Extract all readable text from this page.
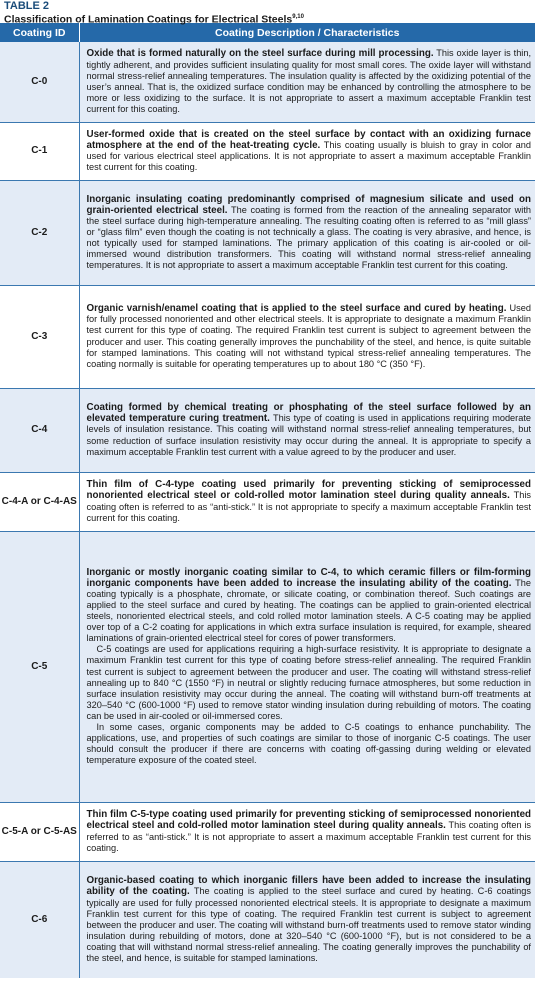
TABLE 2
Classification of Lamination Coatings for Electrical Steels$^{9,10}$
Coating ID	Coating Description / Characteristics
C-0	Oxide that is formed naturally on the steel surface during mill processing. This oxide layer is thin, tightly adherent, and provides sufficient insulating quality for most small cores. The oxide layer will withstand normal stress-relief annealing temperatures. The insulation quality is affected by the oxidizing potential of the user’s anneal. That is, the oxidized surface condition may be enhanced by controlling the atmosphere to be more or less oxidizing to the surface. It is not appropriate to assert a maximum acceptable Franklin test current for this coating.
C-1	User-formed oxide that is created on the steel surface by contact with an oxidizing furnace atmosphere at the end of the heat-treating cycle. This coating usually is bluish to gray in color and used for various electrical steel applications. It is not appropriate to assert a maximum acceptable Franklin test current for this coating.
C-2	Inorganic insulating coating predominantly comprised of magnesium silicate and used on grain-oriented electrical steel. The coating is formed from the reaction of the annealing separator with the steel surface during high-temperature annealing. The resulting coating often is referred to as “mill glass” or “glass film” even though the coating is not technically a glass. The coating is very abrasive, and hence, is not typically used for stamped laminations. The primary application of this coating is air-cooled or oil-immersed wound distribution transformers. This coating will withstand normal stress-relief annealing temperatures. It is not appropriate to assert a maximum acceptable Franklin test current for this coating.
C-3	Organic varnish/enamel coating that is applied to the steel surface and cured by heating. Used for fully processed nonoriented and other electrical steels. It is appropriate to designate a maximum Franklin test current for this type of coating. The required Franklin test current is subject to agreement between the producer and user. This coating generally improves the punchability of the steel, and hence, is quite suitable for stamped laminations. This coating will not withstand typical stress-relief annealing temperatures. The coating normally is suitable for operating temperatures up to about 180 °C (350 °F).
C-4	Coating formed by chemical treating or phosphating of the steel surface followed by an elevated temperature curing treatment. This type of coating is used in applications requiring moderate levels of insulation resistance. This coating will withstand normal stress-relief annealing temperatures, but some reduction of surface insulation resistivity may occur during the anneal. It is appropriate to specify a maximum acceptable Franklin test current with a value agreed to by the producer and user.
C-4-A or C-4-AS	Thin film of C-4-type coating used primarily for preventing sticking of semiprocessed nonoriented electrical steel or cold-rolled motor lamination steel during quality anneals. This coating often is referred to as “anti-stick.” It is not appropriate to specify a maximum acceptable Franklin test current for this coating.
C-5	Inorganic or mostly inorganic coating similar to C-4, to which ceramic fillers or film-forming inorganic components have been added to increase the insulating ability of the coating. The coating typically is a phosphate, chromate, or silicate coating, or combination thereof. Such coatings are applied to the steel surface and cured by heating. The coatings can be applied to grain-oriented electrical steels, nonoriented electrical steels, and cold rolled motor lamination steels. A C-5 coating may be applied over top of a C-2 coating for applications in which extra surface insulation is required, for example, sheared laminations of grain-oriented electrical steel for cores of power transformers.
C-5 coatings are used for applications requiring a high-surface resistivity. It is appropriate to designate a maximum Franklin test current for this type of coating before stress-relief annealing. The required Franklin test current is subject to agreement between the producer and user. The coating will withstand stress-relief annealing up to 840 °C (1550 °F) in neutral or slightly reducing furnace atmospheres, but some reduction in surface insulation resistivity may occur during the anneal. The coating will withstand burn-off treatments at 320–540 °C (600-1000 °F) used to remove stator winding insulation during rebuilding of motors. The coating can be used in air-cooled or oil-immersed cores.
In some cases, organic components may be added to C-5 coatings to enhance punchability. The applications, use, and properties of such coatings are similar to those of inorganic C-5 coatings. The user should consult the producer if there are concerns with coating off-gassing during welding or elevated temperature exposure of the coated steel.

C-5-A or C-5-AS	Thin film C-5-type coating used primarily for preventing sticking of semiprocessed nonoriented electrical steel and cold-rolled motor lamination steel during quality anneals. This coating often is referred to as “anti-stick.” It is not appropriate to assert a maximum acceptable Franklin test current for this coating.
C-6	Organic-based coating to which inorganic fillers have been added to increase the insulating ability of the coating. The coating is applied to the steel surface and cured by heating. C-6 coatings typically are used for fully processed nonoriented electrical steels. It is appropriate to designate a maximum Franklin test current for this type of coating. The required Franklin test current is subject to agreement between the producer and user. The coating will withstand burn-off treatments used to remove stator winding insulation during rebuilding of motors, done at 320–540 °C (600-1000 °F), but is not considered to be a coating that will withstand normal stress-relief annealing. The coating generally improves the punchability of the steel, and hence, is suitable for stamped laminations.
